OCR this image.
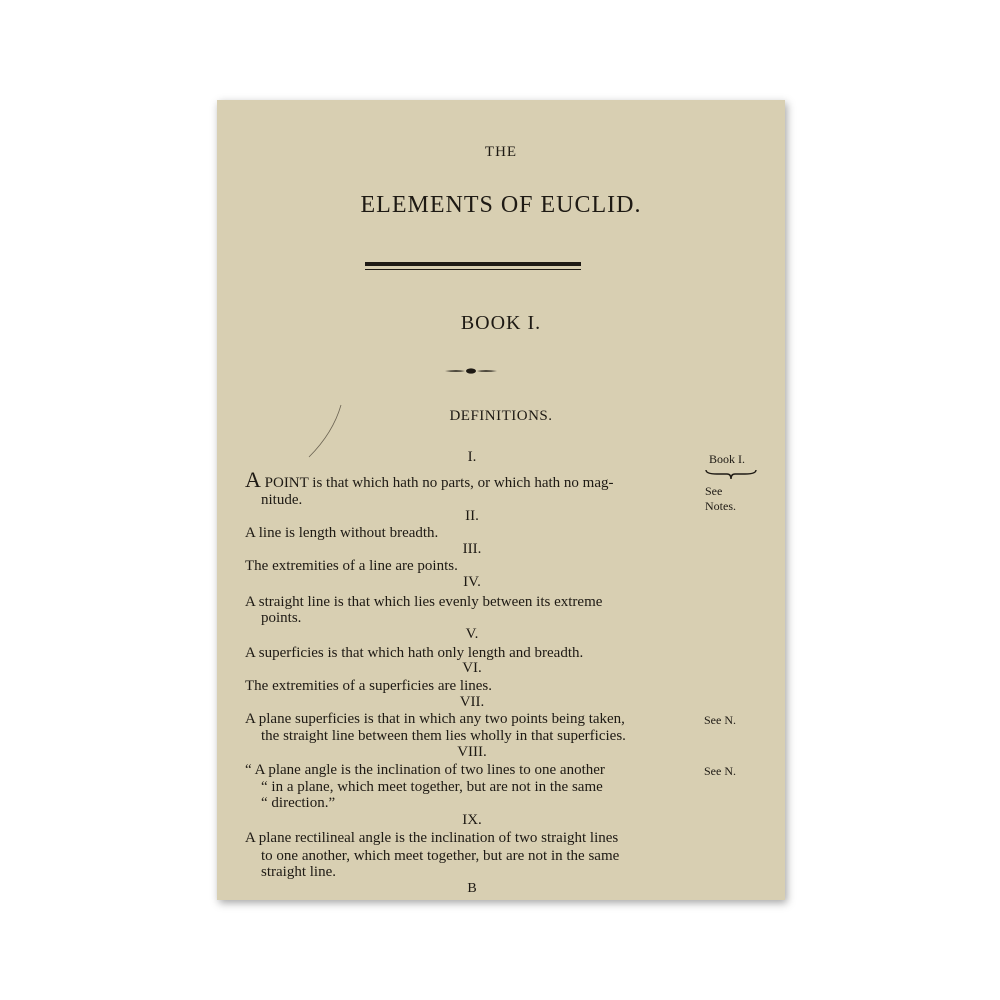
THE
ELEMENTS OF EUCLID.
BOOK I.
DEFINITIONS.
I.
A POINT is that which hath no parts, or which hath no mag-
nitude.
II.
A line is length without breadth.
III.
The extremities of a line are points.
IV.
A straight line is that which lies evenly between its extreme
points.
V.
A superficies is that which hath only length and breadth.
VI.
The extremities of a superficies are lines.
VII.
A plane superficies is that in which any two points being taken,
the straight line between them lies wholly in that superficies.
VIII.
“ A plane angle is the inclination of two lines to one another
“ in a plane, which meet together, but are not in the same
“ direction.”
IX.
A plane rectilineal angle is the inclination of two straight lines
to one another, which meet together, but are not in the same
straight line.
B
Book I.
See
Notes.
See N.
See N.
